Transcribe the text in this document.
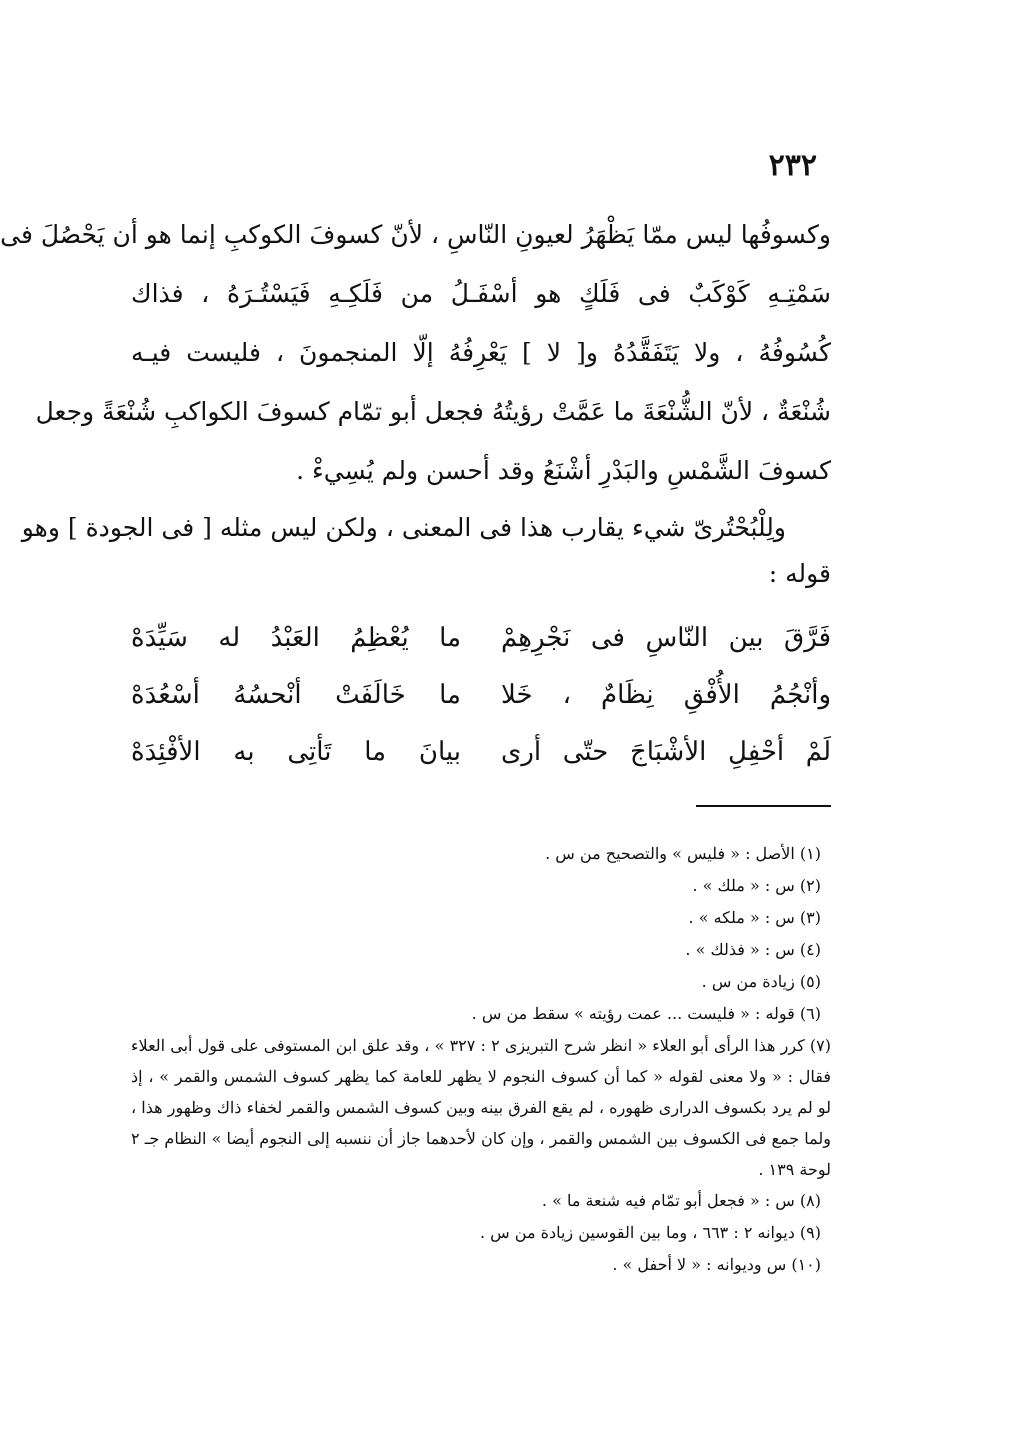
٢٣٢
وكسوفُها ليس ممّا يَظْهَرُ لعيونِ النّاسِ ، لأنّ كسوفَ الكوكبِ إنما هو أن يَحْصُلَ فى
سَمْتِـهِ كَوْكَبٌ فى فَلَكٍ هو أسْفَـلُ من فَلَكِـهِ فَيَسْتُـرَهُ ، فذاك
كُسُوفُهُ ، ولا يَتَفَقَّدُهُ و[ لا ] يَعْرِفُهُ إلّا المنجمونَ ، فليست فيـه
شُنْعَةٌ ، لأنّ الشُّنْعَةَ ما عَمَّتْ رؤيتُهُ فجعل أبو تمّام كسوفَ الكواكبِ شُنْعَةً وجعل
كسوفَ الشَّمْسِ والبَدْرِ أشْنَعُ وقد أحسن ولم يُسِيءْ .
ولِلْبُحْتُرىّ شيء يقارب هذا فى المعنى ، ولكن ليس مثله [ فى الجودة ] وهو
قوله :
فَرَّقَ بين النّاسِ فى نَجْرِهِمْ
ما يُعْظِمُ العَبْدُ له سَيِّدَهْ
وأنْجُمُ الأُفْقِ نِظَامٌ ، خَلا
ما خَالَفَتْ أنْحسُهُ أسْعُدَهْ
لَمْ أحْفِلِ الأشْبَاجَ حتّى أرى
بيانَ ما تَأتِى به الأفْئِدَهْ
(١) الأصل : « فليس » والتصحيح من س .
(٢) س : « ملك » .
(٣) س : « ملكه » .
(٤) س : « فذلك » .
(٥) زيادة من س .
(٦) قوله : « فليست ... عمت رؤيته » سقط من س .
(٧) كرر هذا الرأى أبو العلاء « انظر شرح التبريزى ٢ : ٣٢٧ » ، وقد علق ابن المستوفى على قول أبى العلاء فقال : « ولا معنى لقوله « كما أن كسوف النجوم لا يظهر للعامة كما يظهر كسوف الشمس والقمر » ، إذ لو لم يرد بكسوف الدرارى ظهوره ، لم يقع الفرق بينه وبين كسوف الشمس والقمر لخفاء ذاك وظهور هذا ، ولما جمع فى الكسوف بين الشمس والقمر ، وإن كان لأحدهما جاز أن ننسبه إلى النجوم أيضا » النظام جـ ٢ لوحة ١٣٩ .
(٨) س : « فجعل أبو تمّام فيه شنعة ما » .
(٩) ديوانه ٢ : ٦٦٣ ، وما بين القوسين زيادة من س .
(١٠) س وديوانه : « لا أحفل » .
